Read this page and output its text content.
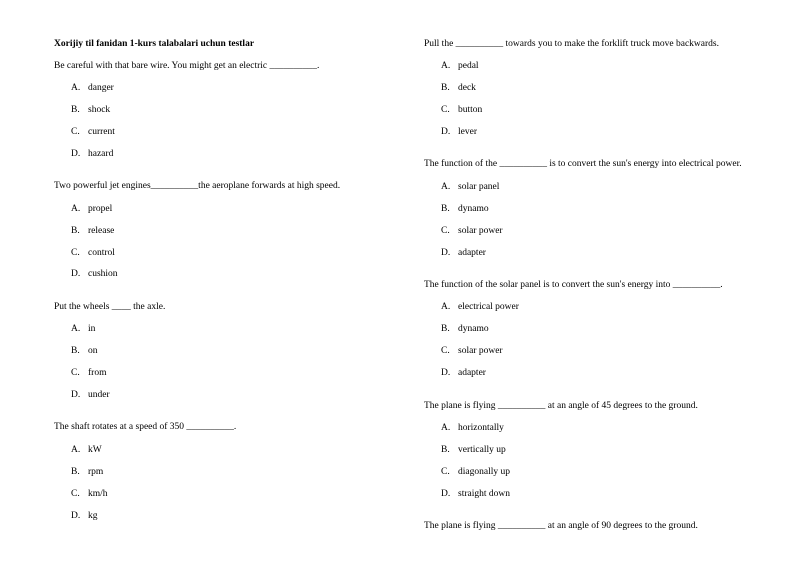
Xorijiy til fanidan 1-kurs talabalari uchun testlar
Be careful with that bare wire. You might get an electric __________.
A. danger
B. shock
C. current
D. hazard
Two powerful jet engines__________the aeroplane forwards at high speed.
A. propel
B. release
C. control
D. cushion
Put the wheels ____ the axle.
A. in
B. on
C. from
D. under
The shaft rotates at a speed of 350 __________.
A. kW
B. rpm
C. km/h
D. kg
Pull the __________ towards you to make the forklift truck move backwards.
A. pedal
B. deck
C. button
D. lever
The function of the __________ is to convert the sun's energy into electrical power.
A. solar panel
B. dynamo
C. solar power
D. adapter
The function of the solar panel is to convert the sun's energy into __________.
A. electrical power
B. dynamo
C. solar power
D. adapter
The plane is flying __________ at an angle of 45 degrees to the ground.
A. horizontally
B. vertically up
C. diagonally up
D. straight down
The plane is flying __________ at an angle of 90 degrees to the ground.
